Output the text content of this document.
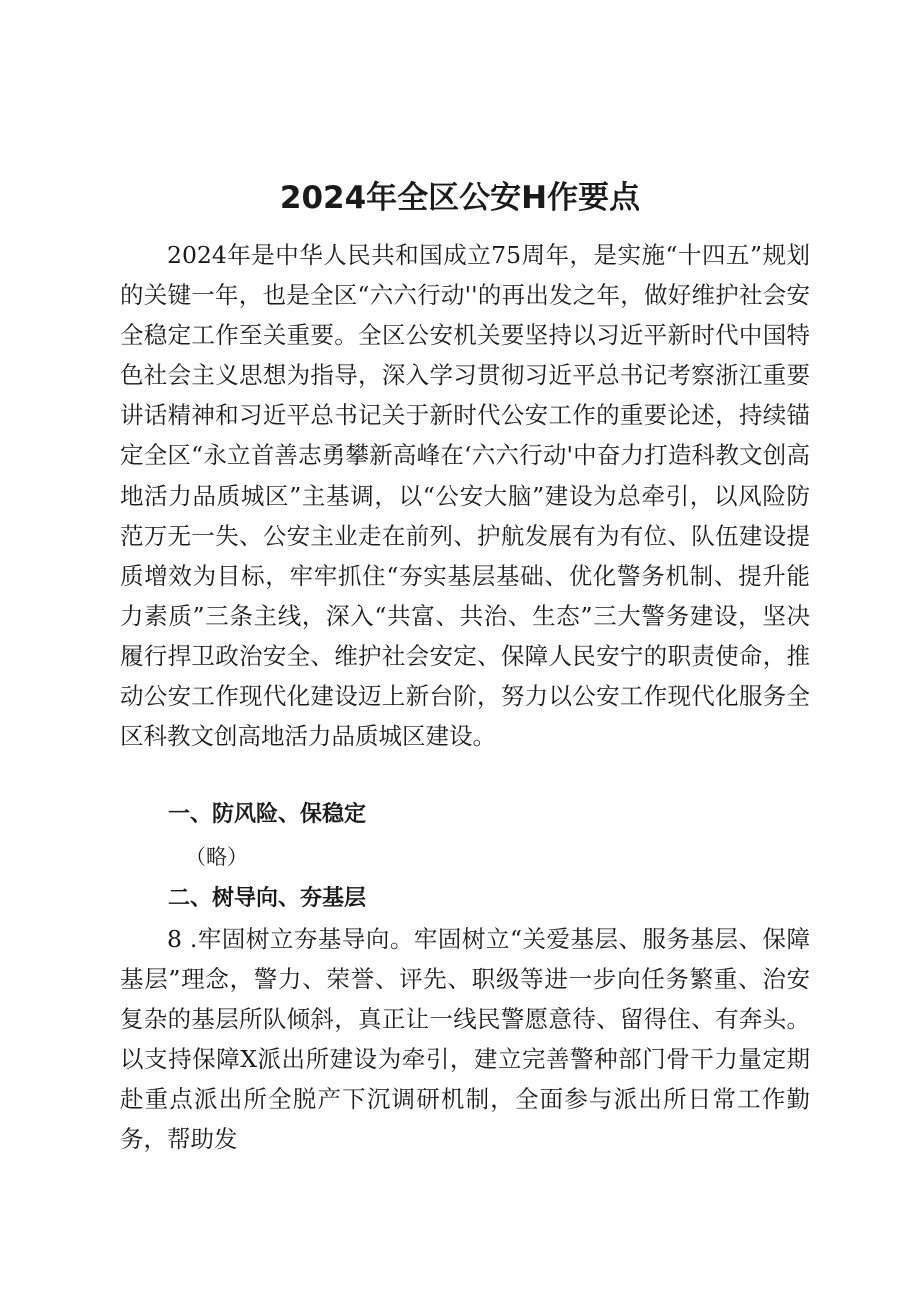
2024年全区公安H作要点

2024年是中华人民共和国成立75周年，是实施“十四五”规划的关键一年，也是全区“六六行动''的再出发之年，做好维护社会安全稳定工作至关重要。全区公安机关要坚持以习近平新时代中国特色社会主义思想为指导，深入学习贯彻习近平总书记考察浙江重要讲话精神和习近平总书记关于新时代公安工作的重要论述，持续锚定全区“永立首善志勇攀新高峰在‘六六行动'中奋力打造科教文创高地活力品质城区”主基调，以“公安大脑”建设为总牵引，以风险防范万无一失、公安主业走在前列、护航发展有为有位、队伍建设提质增效为目标，牢牢抓住“夯实基层基础、优化警务机制、提升能力素质”三条主线，深入“共富、共治、生态”三大警务建设，坚决履行捍卫政治安全、维护社会安定、保障人民安宁的职责使命，推动公安工作现代化建设迈上新台阶，努力以公安工作现代化服务全区科教文创高地活力品质城区建设。

一、防风险、保稳定

（略）

二、树导向、夯基层

8 .牢固树立夯基导向。牢固树立“关爱基层、服务基层、保障基层”理念，警力、荣誉、评先、职级等进一步向任务繁重、治安复杂的基层所队倾斜，真正让一线民警愿意待、留得住、有奔头。以支持保障X派出所建设为牵引，建立完善警种部门骨干力量定期赴重点派出所全脱产下沉调研机制，全面参与派出所日常工作勤务，帮助发
